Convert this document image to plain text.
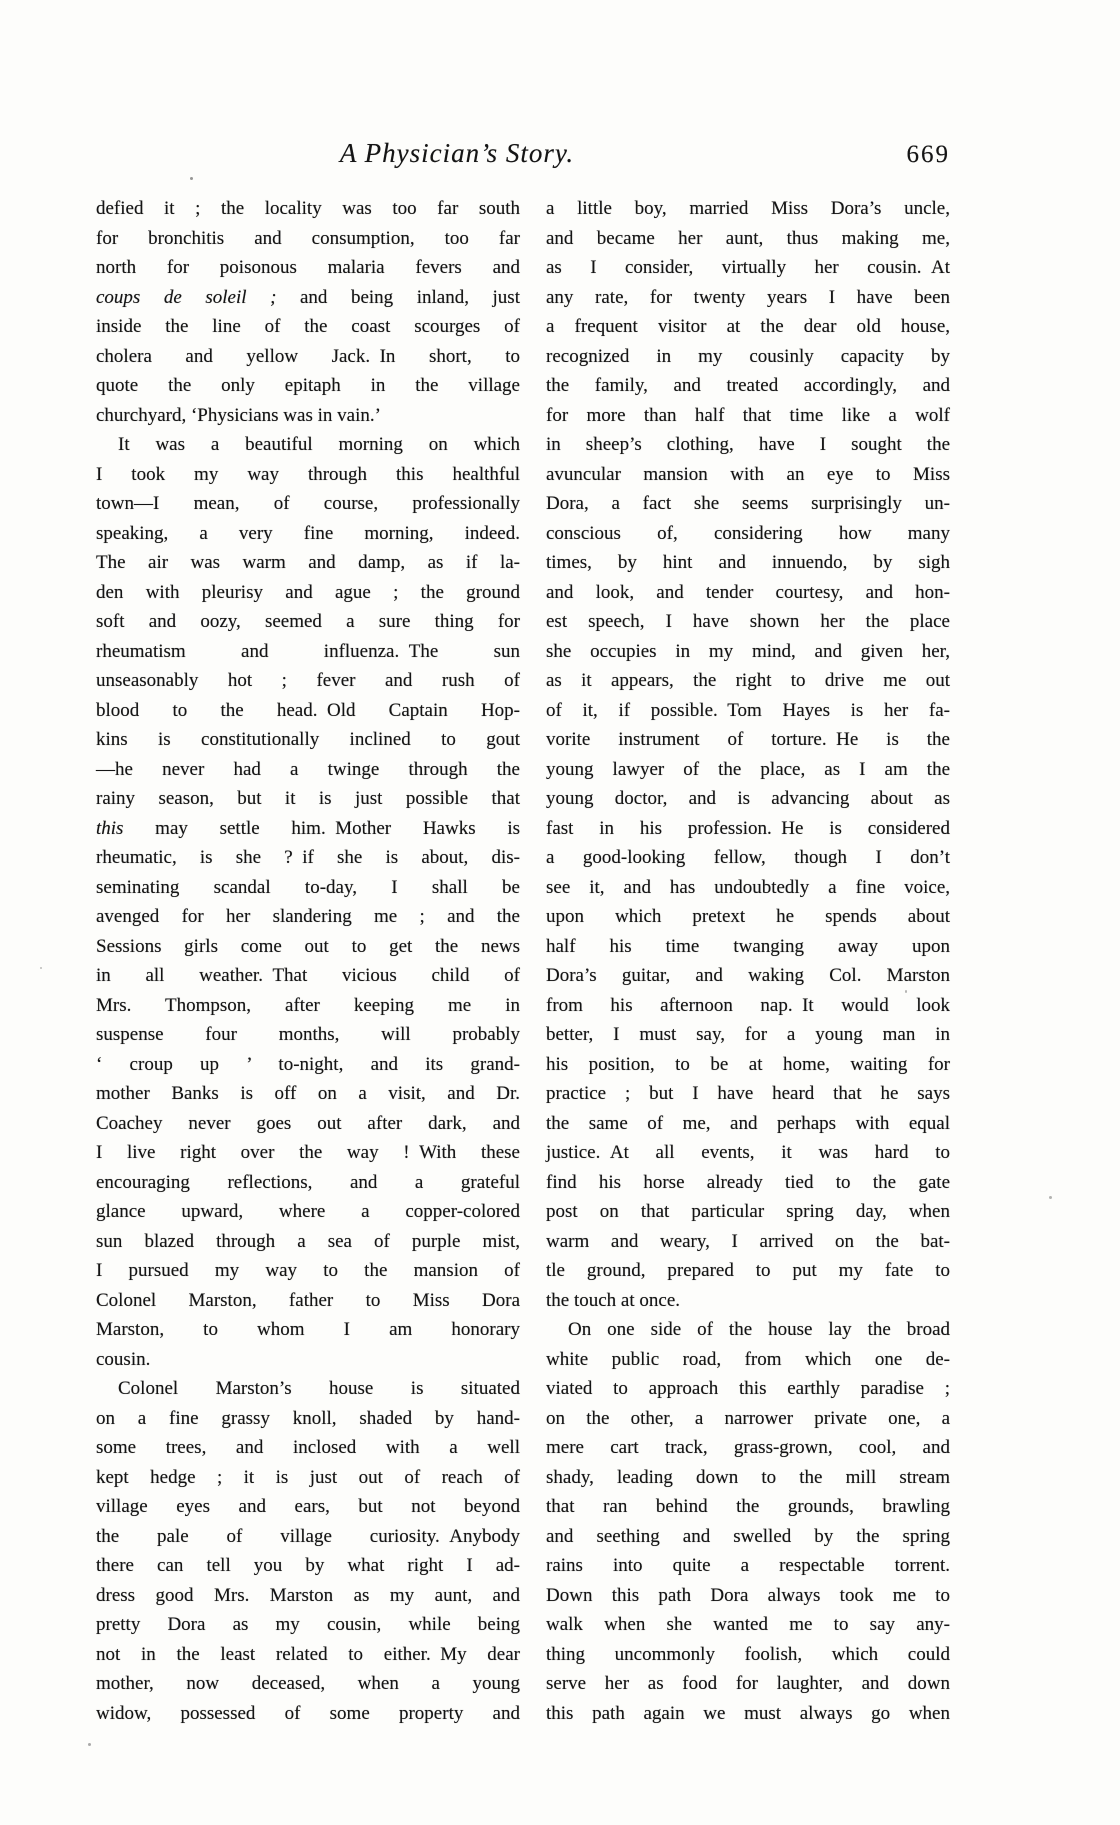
A Physician’s Story.	669
defied it ; the locality was too far south
for bronchitis and consumption, too far
north for poisonous malaria fevers and
coups de soleil ; and being inland, just
inside the line of the coast scourges of
cholera and yellow Jack. In short, to
quote the only epitaph in the village
churchyard, ‘Physicians was in vain.’
It was a beautiful morning on which
I took my way through this healthful
town—I mean, of course, professionally
speaking, a very fine morning, indeed.
The air was warm and damp, as if la-
den with pleurisy and ague ; the ground
soft and oozy, seemed a sure thing for
rheumatism and influenza. The sun
unseasonably hot ; fever and rush of
blood to the head. Old Captain Hop-
kins is constitutionally inclined to gout
—he never had a twinge through the
rainy season, but it is just possible that
this may settle him. Mother Hawks is
rheumatic, is she ? if she is about, dis-
seminating scandal to-day, I shall be
avenged for her slandering me ; and the
Sessions girls come out to get the news
in all weather. That vicious child of
Mrs. Thompson, after keeping me in
suspense four months, will probably
‘ croup up ’ to-night, and its grand-
mother Banks is off on a visit, and Dr.
Coachey never goes out after dark, and
I live right over the way ! With these
encouraging reflections, and a grateful
glance upward, where a copper-colored
sun blazed through a sea of purple mist,
I pursued my way to the mansion of
Colonel Marston, father to Miss Dora
Marston, to whom I am honorary
cousin.
Colonel Marston’s house is situated
on a fine grassy knoll, shaded by hand-
some trees, and inclosed with a well
kept hedge ; it is just out of reach of
village eyes and ears, but not beyond
the pale of village curiosity. Anybody
there can tell you by what right I ad-
dress good Mrs. Marston as my aunt, and
pretty Dora as my cousin, while being
not in the least related to either. My dear
mother, now deceased, when a young
widow, possessed of some property and
a little boy, married Miss Dora’s uncle,
and became her aunt, thus making me,
as I consider, virtually her cousin. At
any rate, for twenty years I have been
a frequent visitor at the dear old house,
recognized in my cousinly capacity by
the family, and treated accordingly, and
for more than half that time like a wolf
in sheep’s clothing, have I sought the
avuncular mansion with an eye to Miss
Dora, a fact she seems surprisingly un-
conscious of, considering how many
times, by hint and innuendo, by sigh
and look, and tender courtesy, and hon-
est speech, I have shown her the place
she occupies in my mind, and given her,
as it appears, the right to drive me out
of it, if possible. Tom Hayes is her fa-
vorite instrument of torture. He is the
young lawyer of the place, as I am the
young doctor, and is advancing about as
fast in his profession. He is considered
a good-looking fellow, though I don’t
see it, and has undoubtedly a fine voice,
upon which pretext he spends about
half his time twanging away upon
Dora’s guitar, and waking Col. Marston
from his afternoon nap. It would look
better, I must say, for a young man in
his position, to be at home, waiting for
practice ; but I have heard that he says
the same of me, and perhaps with equal
justice. At all events, it was hard to
find his horse already tied to the gate
post on that particular spring day, when
warm and weary, I arrived on the bat-
tle ground, prepared to put my fate to
the touch at once.
On one side of the house lay the broad
white public road, from which one de-
viated to approach this earthly paradise ;
on the other, a narrower private one, a
mere cart track, grass-grown, cool, and
shady, leading down to the mill stream
that ran behind the grounds, brawling
and seething and swelled by the spring
rains into quite a respectable torrent.
Down this path Dora always took me to
walk when she wanted me to say any-
thing uncommonly foolish, which could
serve her as food for laughter, and down
this path again we must always go when
